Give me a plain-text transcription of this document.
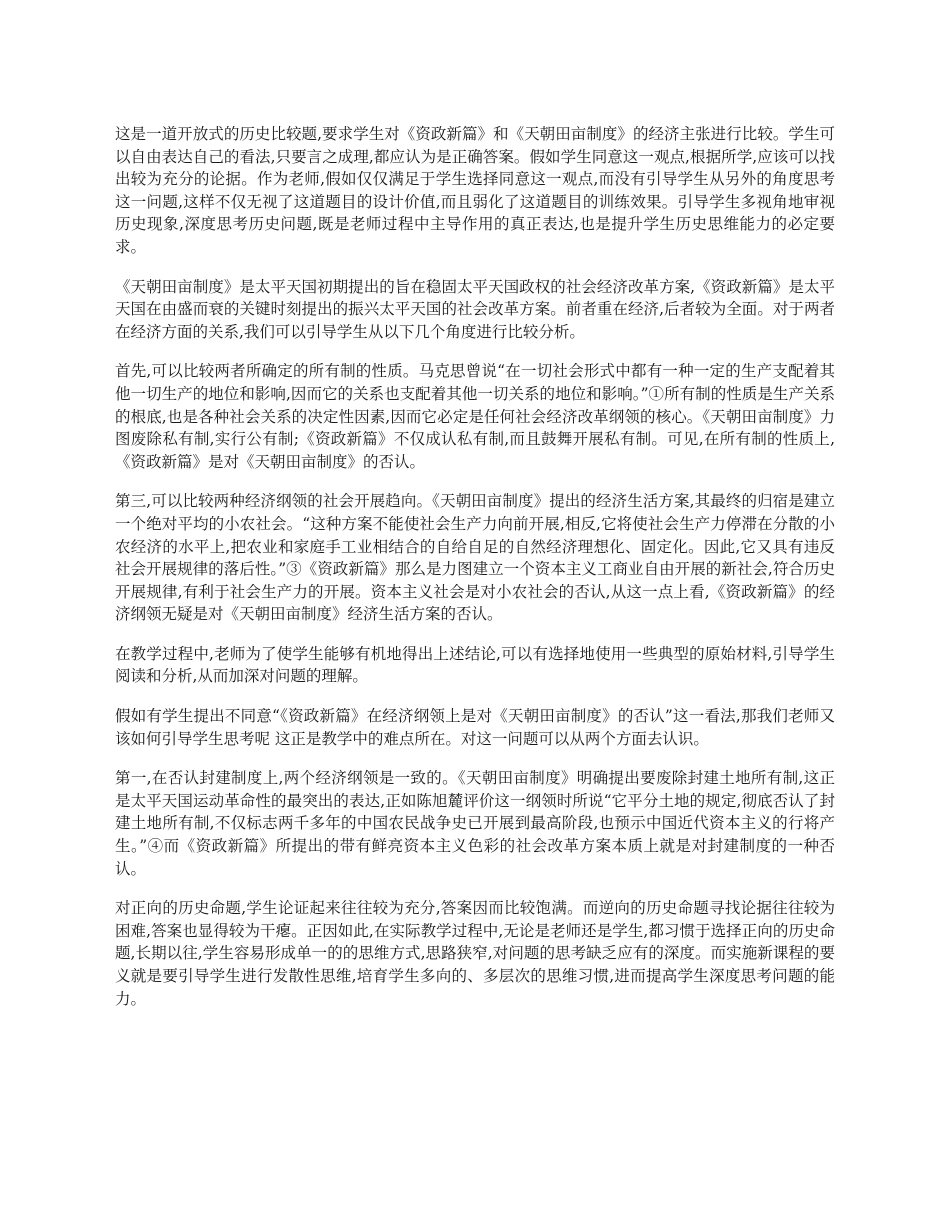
这是一道开放式的历史比较题,要求学生对《资政新篇》和《天朝田亩制度》的经济主张进行比较。学生可以自由表达自己的看法,只要言之成理,都应认为是正确答案。假如学生同意这一观点,根据所学,应该可以找出较为充分的论据。作为老师,假如仅仅满足于学生选择同意这一观点,而没有引导学生从另外的角度思考这一问题,这样不仅无视了这道题目的设计价值,而且弱化了这道题目的训练效果。引导学生多视角地审视历史现象,深度思考历史问题,既是老师过程中主导作用的真正表达,也是提升学生历史思维能力的必定要求。

《天朝田亩制度》是太平天国初期提出的旨在稳固太平天国政权的社会经济改革方案,《资政新篇》是太平天国在由盛而衰的关键时刻提出的振兴太平天国的社会改革方案。前者重在经济,后者较为全面。对于两者在经济方面的关系,我们可以引导学生从以下几个角度进行比较分析。

首先,可以比较两者所确定的所有制的性质。马克思曾说“在一切社会形式中都有一种一定的生产支配着其他一切生产的地位和影响,因而它的关系也支配着其他一切关系的地位和影响。”①所有制的性质是生产关系的根底,也是各种社会关系的决定性因素,因而它必定是任何社会经济改革纲领的核心。《天朝田亩制度》力图废除私有制,实行公有制;《资政新篇》不仅成认私有制,而且鼓舞开展私有制。可见,在所有制的性质上,《资政新篇》是对《天朝田亩制度》的否认。

第三,可以比较两种经济纲领的社会开展趋向。《天朝田亩制度》提出的经济生活方案,其最终的归宿是建立一个绝对平均的小农社会。“这种方案不能使社会生产力向前开展,相反,它将使社会生产力停滞在分散的小农经济的水平上,把农业和家庭手工业相结合的自给自足的自然经济理想化、固定化。因此,它又具有违反社会开展规律的落后性。”③《资政新篇》那么是力图建立一个资本主义工商业自由开展的新社会,符合历史开展规律,有利于社会生产力的开展。资本主义社会是对小农社会的否认,从这一点上看,《资政新篇》的经济纲领无疑是对《天朝田亩制度》经济生活方案的否认。

在教学过程中,老师为了使学生能够有机地得出上述结论,可以有选择地使用一些典型的原始材料,引导学生阅读和分析,从而加深对问题的理解。

假如有学生提出不同意“《资政新篇》在经济纲领上是对《天朝田亩制度》的否认”这一看法,那我们老师又该如何引导学生思考呢 这正是教学中的难点所在。对这一问题可以从两个方面去认识。

第一,在否认封建制度上,两个经济纲领是一致的。《天朝田亩制度》明确提出要废除封建土地所有制,这正是太平天国运动革命性的最突出的表达,正如陈旭麓评价这一纲领时所说“它平分土地的规定,彻底否认了封建土地所有制,不仅标志两千多年的中国农民战争史已开展到最高阶段,也预示中国近代资本主义的行将产生。”④而《资政新篇》所提出的带有鲜亮资本主义色彩的社会改革方案本质上就是对封建制度的一种否认。

对正向的历史命题,学生论证起来往往较为充分,答案因而比较饱满。而逆向的历史命题寻找论据往往较为困难,答案也显得较为干瘪。正因如此,在实际教学过程中,无论是老师还是学生,都习惯于选择正向的历史命题,长期以往,学生容易形成单一的的思维方式,思路狭窄,对问题的思考缺乏应有的深度。而实施新课程的要义就是要引导学生进行发散性思维,培育学生多向的、多层次的思维习惯,进而提高学生深度思考问题的能力。
